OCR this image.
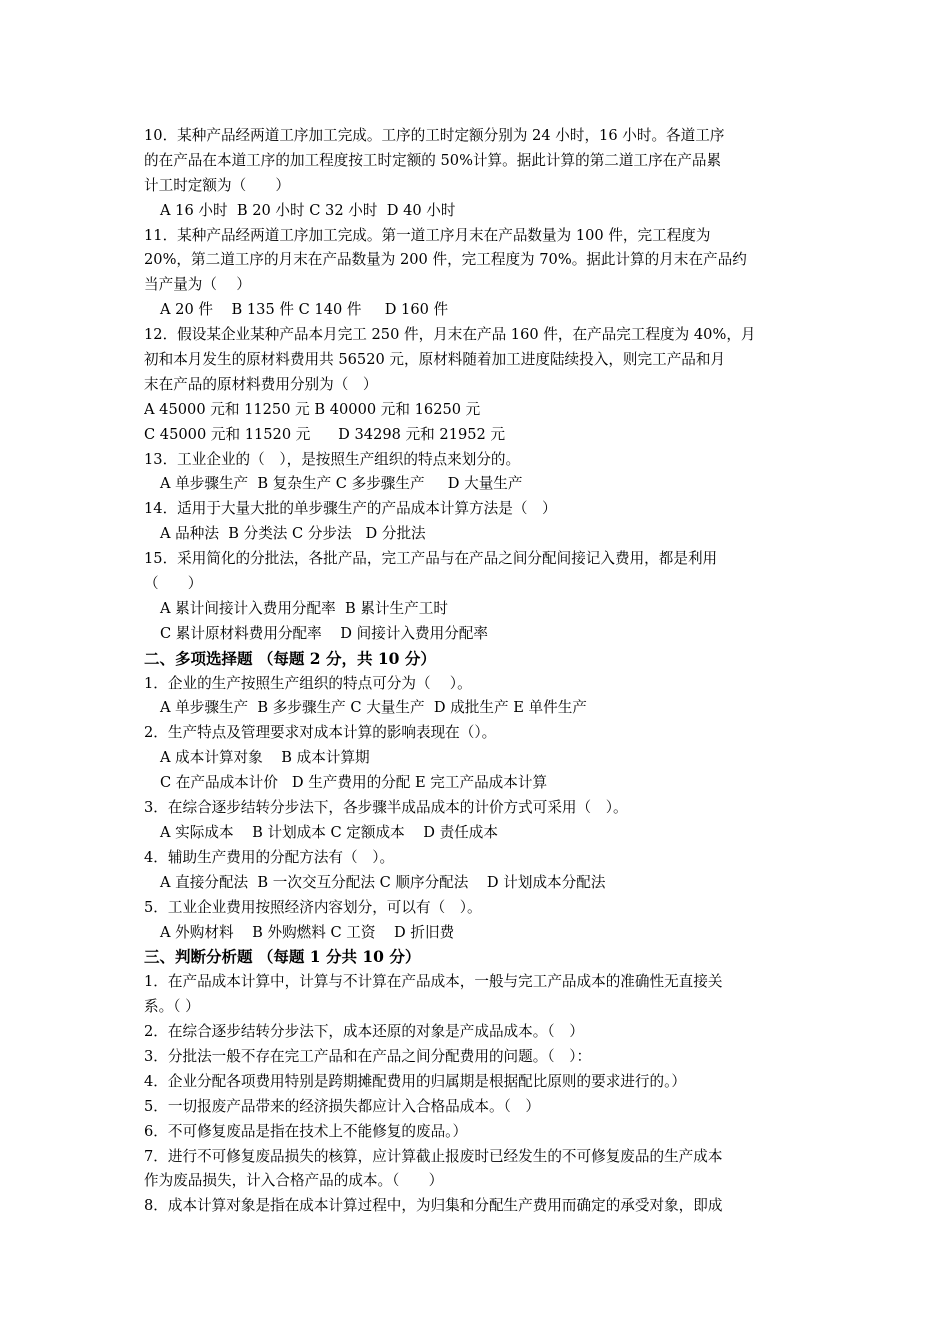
10．某种产品经两道工序加工完成。工序的工时定额分别为 24 小时，16 小时。各道工序
的在产品在本道工序的加工程度按工时定额的 50%计算。据此计算的第二道工序在产品累
计工时定额为（　　）
A 16 小时  B 20 小时 C 32 小时  D 40 小时
11．某种产品经两道工序加工完成。第一道工序月末在产品数量为 100 件，完工程度为
20%，第二道工序的月末在产品数量为 200 件，完工程度为 70%。据此计算的月末在产品约
当产量为（　 ）
A 20 件    B 135 件 C 140 件     D 160 件
12．假设某企业某种产品本月完工 250 件，月末在产品 160 件，在产品完工程度为 40%，月
初和本月发生的原材料费用共 56520 元，原材料随着加工进度陆续投入，则完工产品和月
末在产品的原材料费用分别为（　）
A 45000 元和 11250 元 B 40000 元和 16250 元
C 45000 元和 11520 元      D 34298 元和 21952 元
13．工业企业的（　），是按照生产组织的特点来划分的。
A 单步骤生产  B 复杂生产 C 多步骤生产     D 大量生产
14．适用于大量大批的单步骤生产的产品成本计算方法是（　）
A 品种法  B 分类法 C 分步法   D 分批法
15．采用简化的分批法，各批产品，完工产品与在产品之间分配间接记入费用，都是利用
（　　）
A 累计间接计入费用分配率  B 累计生产工时
C 累计原材料费用分配率    D 间接计入费用分配率
二、多项选择题 （每题 2 分，共 10 分）
1．企业的生产按照生产组织的特点可分为（　 ）。
A 单步骤生产  B 多步骤生产 C 大量生产  D 成批生产 E 单件生产
2．生产特点及管理要求对成本计算的影响表现在（）。
A 成本计算对象    B 成本计算期
C 在产品成本计价   D 生产费用的分配 E 完工产品成本计算
3．在综合逐步结转分步法下，各步骤半成品成本的计价方式可采用（　）。
A 实际成本    B 计划成本 C 定额成本    D 责任成本
4．辅助生产费用的分配方法有（　）。
A 直接分配法  B 一次交互分配法 C 顺序分配法    D 计划成本分配法
5．工业企业费用按照经济内容划分，可以有（　）。
A 外购材料    B 外购燃料 C 工资    D 折旧费
三、判断分析题 （每题 1 分共 10 分）
1．在产品成本计算中，计算与不计算在产品成本，一般与完工产品成本的准确性无直接关
系。（ ）
2．在综合逐步结转分步法下，成本还原的对象是产成品成本。（　）
3．分批法一般不存在完工产品和在产品之间分配费用的问题。（　）：
4．企业分配各项费用特别是跨期摊配费用的归属期是根据配比原则的要求进行的。）
5．一切报废产品带来的经济损失都应计入合格品成本。（　）
6．不可修复废品是指在技术上不能修复的废品。）
7．进行不可修复废品损失的核算，应计算截止报废时已经发生的不可修复废品的生产成本
作为废品损失，计入合格产品的成本。（　　）
8．成本计算对象是指在成本计算过程中，为归集和分配生产费用而确定的承受对象，即成
